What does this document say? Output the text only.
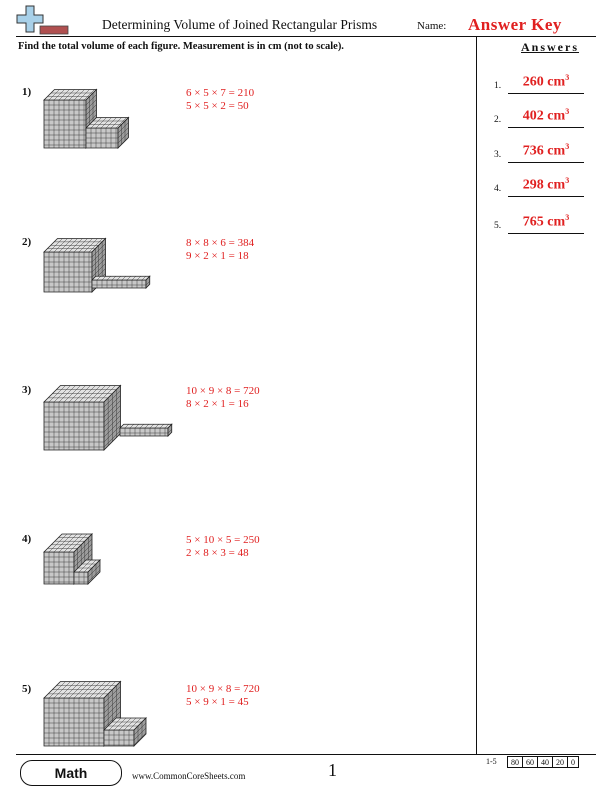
Determining Volume of Joined Rectangular Prisms	Name: Answer Key
Find the total volume of each figure. Measurement is in cm (not to scale).	Answers
1.	260 $cm^3$
2.	402 $cm^3$
3.	736 $cm^3$
4.	298 $cm^3$
5.	765 $cm^3$
1)	6 × 5 × 7 = 210
5 × 5 × 2 = 50
2)	8 × 8 × 6 = 384
9 × 2 × 1 = 18
3)	10 × 9 × 8 = 720
8 × 2 × 1 = 16
4)	5 × 10 × 5 = 250
2 × 8 × 3 = 48
5)	10 × 9 × 8 = 720
5 × 9 × 1 = 45
Math	www.CommonCoreSheets.com	1	1-5 80	60	40	20	0
